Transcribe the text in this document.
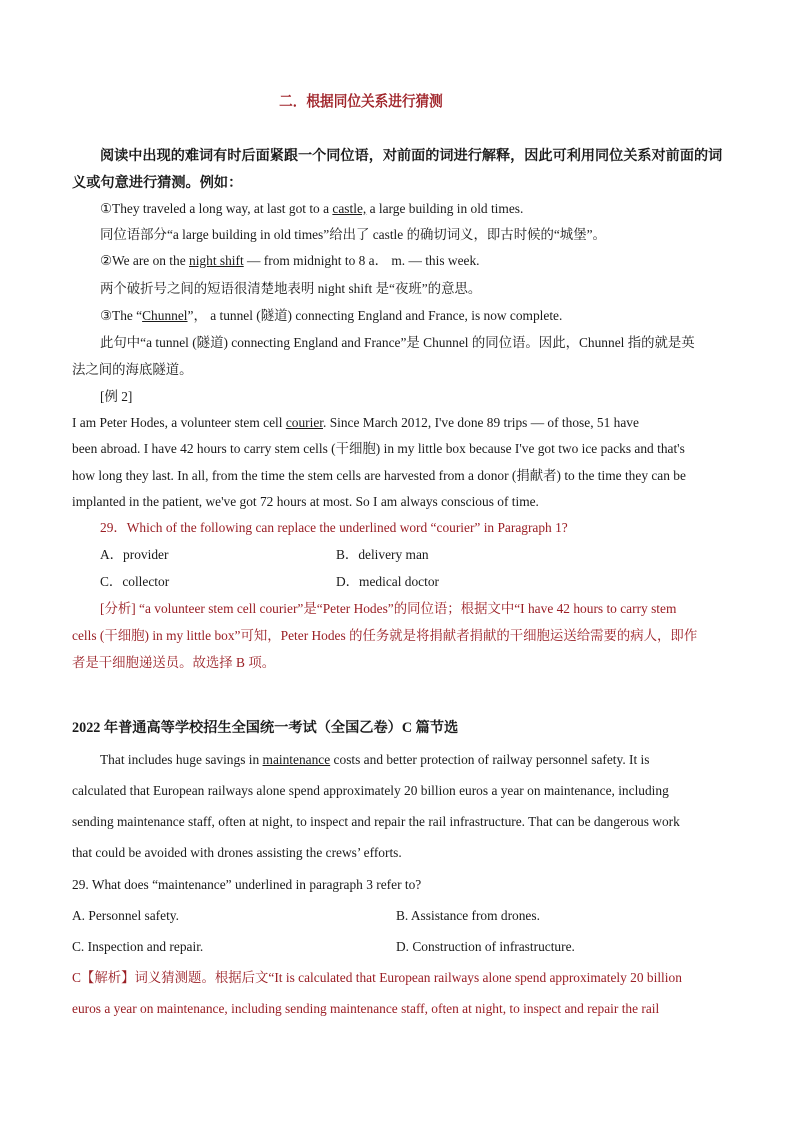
二．根据同位关系进行猜测
阅读中出现的难词有时后面紧跟一个同位语，对前面的词进行解释，因此可利用同位关系对前面的词
义或句意进行猜测。例如：
①They traveled a long way, at last got to a castle, a large building in old times.
同位语部分“a large building in old times”给出了 castle 的确切词义，即古时候的“城堡”。
②We are on the night shift — from midnight to 8 a． m. — this week.
两个破折号之间的短语很清楚地表明 night shift 是“夜班”的意思。
③The “Chunnel”， a tunnel (隧道) connecting England and France, is now complete.
此句中“a tunnel (隧道) connecting England and France”是 Chunnel 的同位语。因此，Chunnel 指的就是英
法之间的海底隧道。
[例 2]
I am Peter Hodes, a volunteer stem cell courier. Since March 2012, I've done 89 trips — of those, 51 have
been abroad. I have 42 hours to carry stem cells (干细胞) in my little box because I've got two ice packs and that's
how long they last. In all, from the time the stem cells are harvested from a donor (捐献者) to the time they can be
implanted in the patient, we've got 72 hours at most. So I am always conscious of time.
29．Which of the following can replace the underlined word “courier” in Paragraph 1?
A．provider	B．delivery man
C．collector	D．medical doctor
[分析] “a volunteer stem cell courier”是“Peter Hodes”的同位语；根据文中“I have 42 hours to carry stem
cells (干细胞) in my little box”可知，Peter Hodes 的任务就是将捐献者捐献的干细胞运送给需要的病人，即作
者是干细胞递送员。故选择 B 项。
2022 年普通高等学校招生全国统一考试（全国乙卷）C 篇节选
That includes huge savings in maintenance costs and better protection of railway personnel safety. It is
calculated that European railways alone spend approximately 20 billion euros a year on maintenance, including
sending maintenance staff, often at night, to inspect and repair the rail infrastructure. That can be dangerous work
that could be avoided with drones assisting the crews’ efforts.
29. What does “maintenance” underlined in paragraph 3 refer to?
A. Personnel safety.	B. Assistance from drones.
C. Inspection and repair.	D. Construction of infrastructure.
C【解析】词义猜测题。根据后文“It is calculated that European railways alone spend approximately 20 billion
euros a year on maintenance, including sending maintenance staff, often at night, to inspect and repair the rail
